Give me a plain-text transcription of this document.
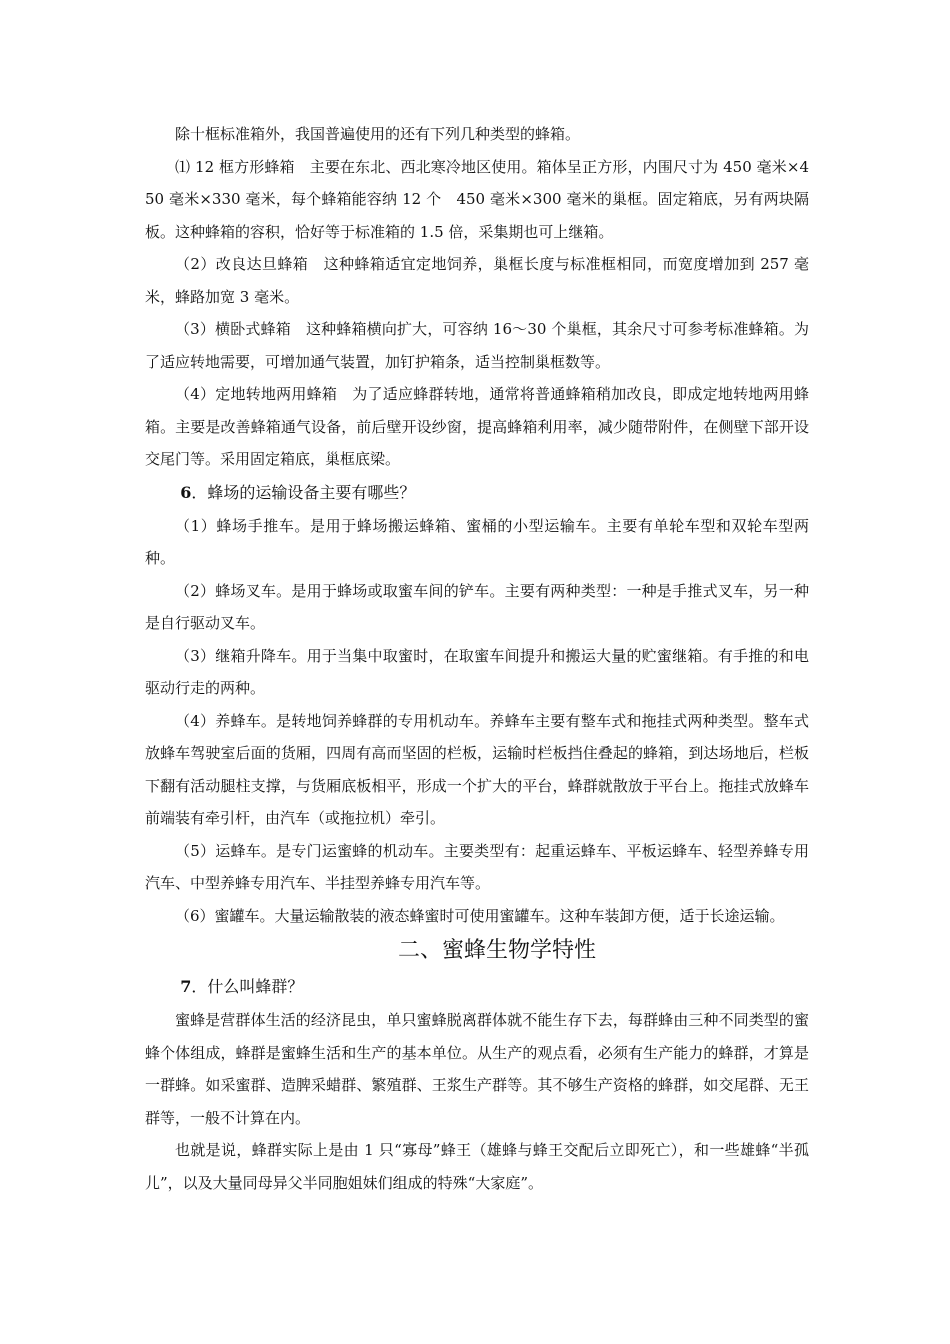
除十框标准箱外，我国普遍使用的还有下列几种类型的蜂箱。

⑴ 12 框方形蜂箱　主要在东北、西北寒冷地区使用。箱体呈正方形，内围尺寸为 450 毫米×450 毫米×330 毫米，每个蜂箱能容纳 12 个　450 毫米×300 毫米的巢框。固定箱底，另有两块隔板。这种蜂箱的容积，恰好等于标准箱的 1.5 倍，采集期也可上继箱。

（2）改良达旦蜂箱　这种蜂箱适宜定地饲养，巢框长度与标准框相同，而宽度增加到 257 毫米，蜂路加宽 3 毫米。

（3）横卧式蜂箱　这种蜂箱横向扩大，可容纳 16～30 个巢框，其余尺寸可参考标准蜂箱。为了适应转地需要，可增加通气装置，加钉护箱条，适当控制巢框数等。

（4）定地转地两用蜂箱　为了适应蜂群转地，通常将普通蜂箱稍加改良，即成定地转地两用蜂箱。主要是改善蜂箱通气设备，前后壁开设纱窗，提高蜂箱利用率，减少随带附件，在侧壁下部开设交尾门等。采用固定箱底，巢框底梁。

6．蜂场的运输设备主要有哪些？

（1）蜂场手推车。是用于蜂场搬运蜂箱、蜜桶的小型运输车。主要有单轮车型和双轮车型两种。

（2）蜂场叉车。是用于蜂场或取蜜车间的铲车。主要有两种类型：一种是手推式叉车，另一种是自行驱动叉车。

（3）继箱升降车。用于当集中取蜜时，在取蜜车间提升和搬运大量的贮蜜继箱。有手推的和电驱动行走的两种。

（4）养蜂车。是转地饲养蜂群的专用机动车。养蜂车主要有整车式和拖挂式两种类型。整车式放蜂车驾驶室后面的货厢，四周有高而坚固的栏板，运输时栏板挡住叠起的蜂箱，到达场地后，栏板下翻有活动腿柱支撑，与货厢底板相平，形成一个扩大的平台，蜂群就散放于平台上。拖挂式放蜂车前端装有牵引杆，由汽车（或拖拉机）牵引。

（5）运蜂车。是专门运蜜蜂的机动车。主要类型有：起重运蜂车、平板运蜂车、轻型养蜂专用汽车、中型养蜂专用汽车、半挂型养蜂专用汽车等。

（6）蜜罐车。大量运输散装的液态蜂蜜时可使用蜜罐车。这种车装卸方便，适于长途运输。

二、蜜蜂生物学特性
7．什么叫蜂群？

蜜蜂是营群体生活的经济昆虫，单只蜜蜂脱离群体就不能生存下去，每群蜂由三种不同类型的蜜蜂个体组成，蜂群是蜜蜂生活和生产的基本单位。从生产的观点看，必须有生产能力的蜂群，才算是一群蜂。如采蜜群、造脾采蜡群、繁殖群、王浆生产群等。其不够生产资格的蜂群，如交尾群、无王群等，一般不计算在内。

也就是说，蜂群实际上是由 1 只“寡母”蜂王（雄蜂与蜂王交配后立即死亡），和一些雄蜂“半孤儿”，以及大量同母异父半同胞姐妹们组成的特殊“大家庭”。
